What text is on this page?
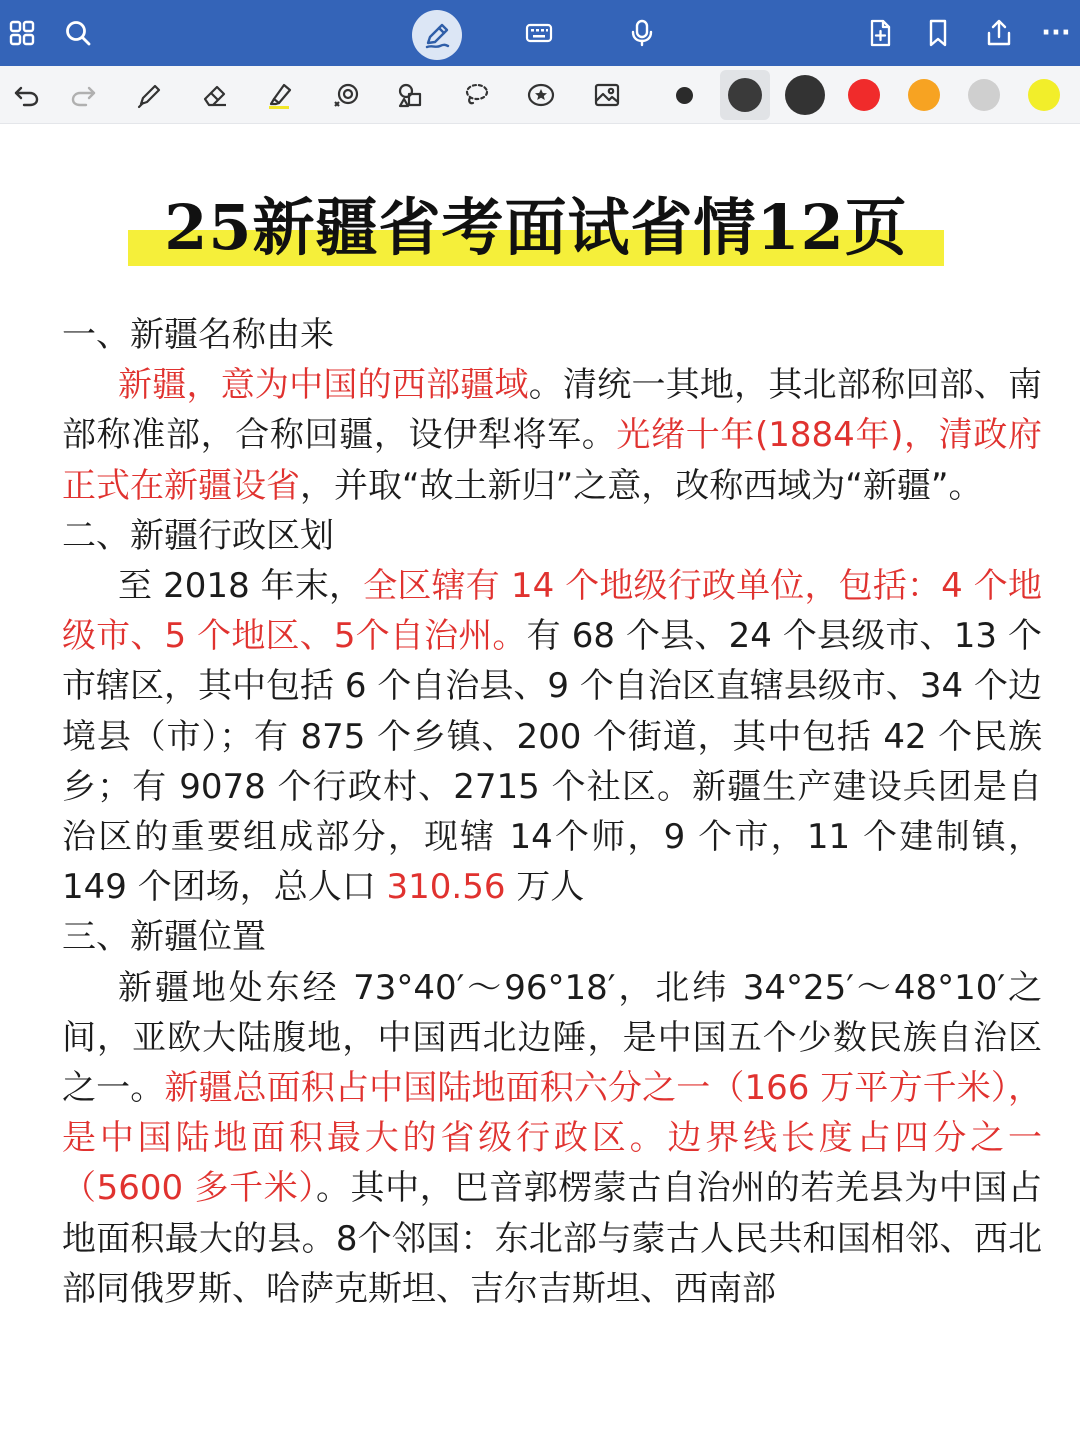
···
25新疆省考面试省情12页
一、新疆名称由来
新疆，意为中国的西部疆域。清统一其地，其北部称回部、南部称准部，合称回疆，设伊犁将军。光绪十年(1884年)，清政府正式在新疆设省，并取“故土新归”之意，改称西域为“新疆”。
二、新疆行政区划
至 2018 年末，全区辖有 14 个地级行政单位，包括：4 个地级市、5 个地区、5个自治州。有 68 个县、24 个县级市、13 个市辖区，其中包括 6 个自治县、9 个自治区直辖县级市、34 个边境县（市）；有 875 个乡镇、200 个街道，其中包括 42 个民族乡；有 9078 个行政村、2715 个社区。新疆生产建设兵团是自治区的重要组成部分，现辖 14个师，9 个市，11 个建制镇，149 个团场，总人口 310.56 万人
三、新疆位置
新疆地处东经 73°40′～96°18′，北纬 34°25′～48°10′之间，亚欧大陆腹地，中国西北边陲，是中国五个少数民族自治区之一。新疆总面积占中国陆地面积六分之一（166 万平方千米），是中国陆地面积最大的省级行政区。边界线长度占四分之一（5600 多千米）。其中，巴音郭楞蒙古自治州的若羌县为中国占地面积最大的县。8个邻国：东北部与蒙古人民共和国相邻、西北部同俄罗斯、哈萨克斯坦、吉尔吉斯坦、西南部
